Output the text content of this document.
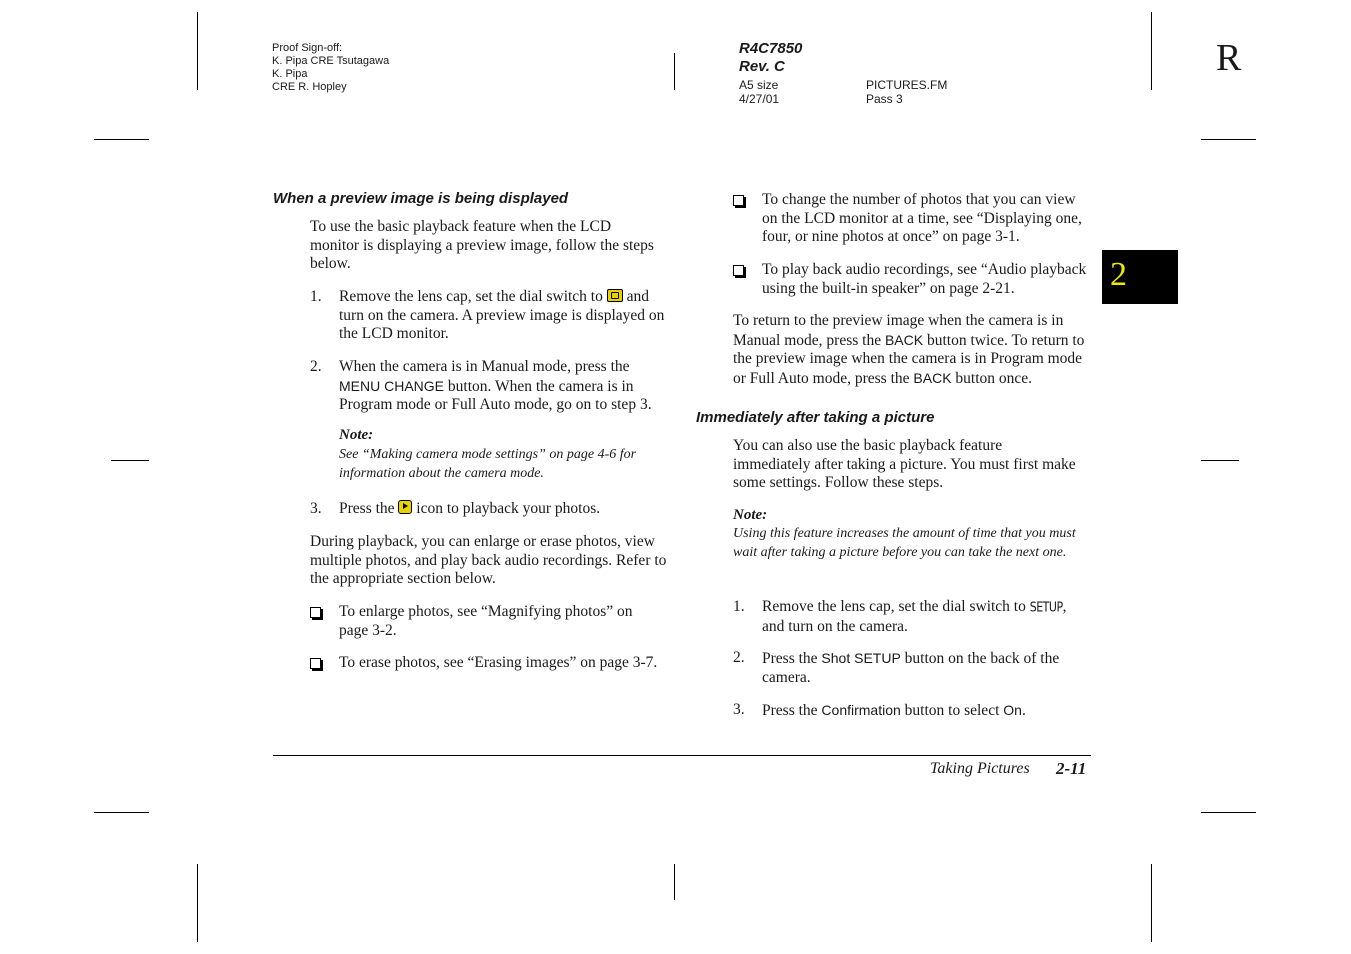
Proof Sign-off:
K. Pipa CRE Tsutagawa
K. Pipa
CRE R. Hopley
R4C7850
Rev. C
A5 size
4/27/01
PICTURES.FM
Pass 3
R
2
When a preview image is being displayed
To use the basic playback feature when the LCD monitor is displaying a preview image, follow the steps below.
1. Remove the lens cap, set the dial switch to  and turn on the camera. A preview image is displayed on the LCD monitor.
2. When the camera is in Manual mode, press the MENU CHANGE button. When the camera is in Program mode or Full Auto mode, go on to step 3.
Note:
See “Making camera mode settings” on page 4-6 for information about the camera mode.
3. Press the  icon to playback your photos.
During playback, you can enlarge or erase photos, view multiple photos, and play back audio recordings. Refer to the appropriate section below.
To enlarge photos, see “Magnifying photos” on page 3-2.
To erase photos, see “Erasing images” on page 3-7.
To change the number of photos that you can view on the LCD monitor at a time, see “Displaying one, four, or nine photos at once” on page 3-1.
To play back audio recordings, see “Audio playback using the built-in speaker” on page 2-21.
To return to the preview image when the camera is in Manual mode, press the BACK button twice. To return to the preview image when the camera is in Program mode or Full Auto mode, press the BACK button once.
Immediately after taking a picture
You can also use the basic playback feature immediately after taking a picture. You must first make some settings. Follow these steps.
Note:
Using this feature increases the amount of time that you must wait after taking a picture before you can take the next one.
1. Remove the lens cap, set the dial switch to SETUP, and turn on the camera.
2. Press the Shot SETUP button on the back of the camera.
3. Press the Confirmation button to select On.
Taking Pictures 2-11
